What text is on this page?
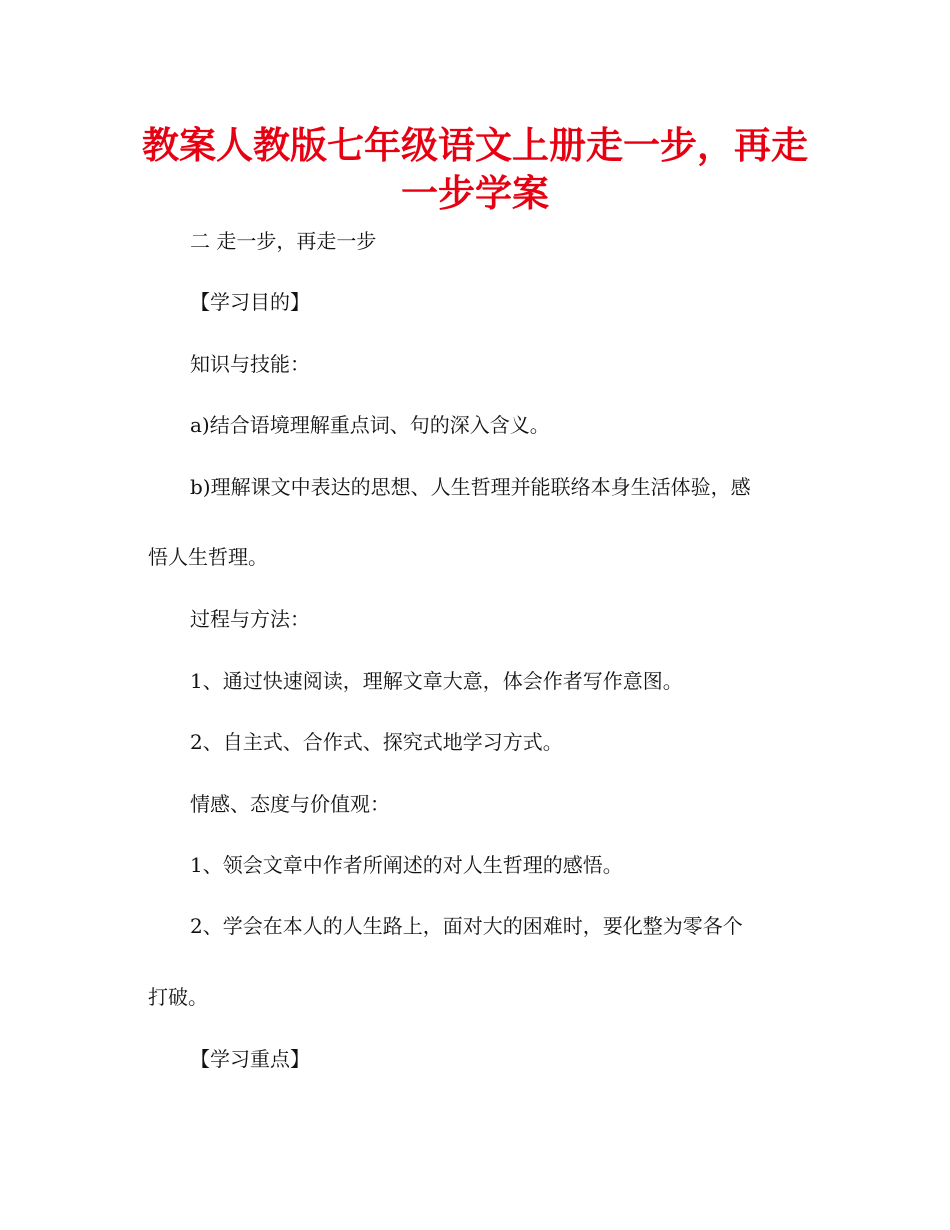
教案人教版七年级语文上册走一步，再走
一步学案

二 走一步，再走一步

【学习目的】

知识与技能：

a)结合语境理解重点词、句的深入含义。

b)理解课文中表达的思想、人生哲理并能联络本身生活体验，感

悟人生哲理。

过程与方法：

1、通过快速阅读，理解文章大意，体会作者写作意图。

2、自主式、合作式、探究式地学习方式。

情感、态度与价值观：

1、领会文章中作者所阐述的对人生哲理的感悟。

2、学会在本人的人生路上，面对大的困难时，要化整为零各个

打破。

【学习重点】
